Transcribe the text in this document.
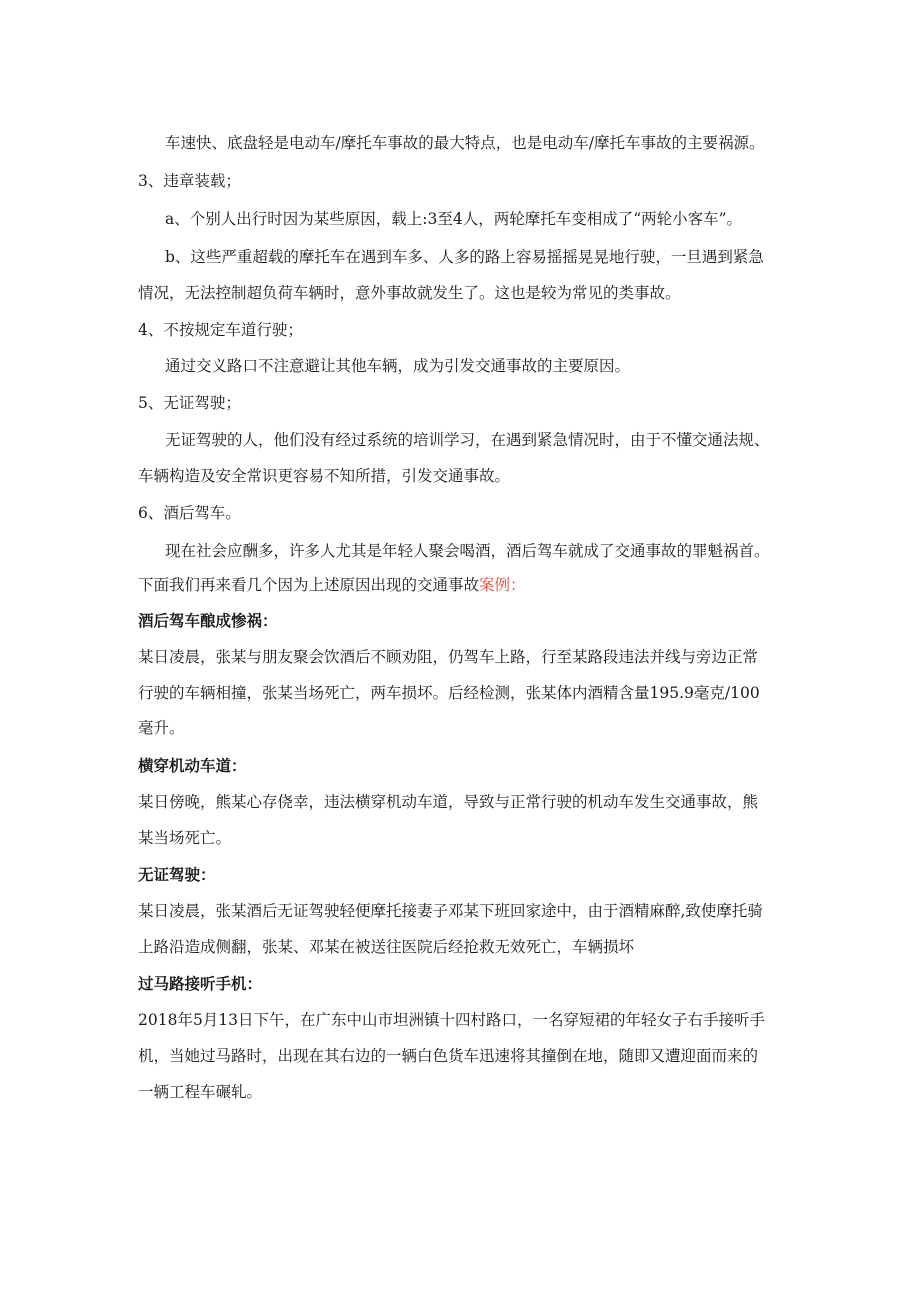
车速快、底盘轻是电动车/摩托车事故的最大特点，也是电动车/摩托车事故的主要祸源。

3、违章装载；

a、个别人出行时因为某些原因，载上:3至4人，两轮摩托车变相成了“两轮小客车”。

b、这些严重超载的摩托车在遇到车多、人多的路上容易摇摇晃晃地行驶，一旦遇到紧急

情况，无法控制超负荷车辆时，意外事故就发生了。这也是较为常见的类事故。

4、不按规定车道行驶；

通过交义路口不注意避让其他车辆，成为引发交通事故的主要原因。

5、无证驾驶；

无证驾驶的人，他们没有经过系统的培训学习，在遇到紧急情况时，由于不懂交通法规、

车辆构造及安全常识更容易不知所措，引发交通事故。

6、酒后驾车。

现在社会应酬多，许多人尤其是年轻人聚会喝酒，酒后驾车就成了交通事故的罪魁祸首。

下面我们再来看几个因为上述原因出现的交通事故案例：

酒后驾车酿成惨祸：

某日凌晨，张某与朋友聚会饮酒后不顾劝阻，仍驾车上路，行至某路段违法并线与旁边正常

行驶的车辆相撞，张某当场死亡，两车损坏。后经检测，张某体内酒精含量195.9毫克/100

毫升。

横穿机动车道：

某日傍晚，熊某心存侥幸，违法横穿机动车道，导致与正常行驶的机动车发生交通事故，熊

某当场死亡。

无证驾驶：

某日凌晨，张某酒后无证驾驶轻便摩托接妻子邓某下班回家途中，由于酒精麻醉,致使摩托骑

上路沿造成侧翻，张某、邓某在被送往医院后经抢救无效死亡，车辆损坏

过马路接听手机：

2018年5月13日下午，在广东中山市坦洲镇十四村路口，一名穿短裙的年轻女子右手接听手

机，当她过马路时，出现在其右边的一辆白色货车迅速将其撞倒在地，随即又遭迎面而来的

一辆工程车碾轧。
